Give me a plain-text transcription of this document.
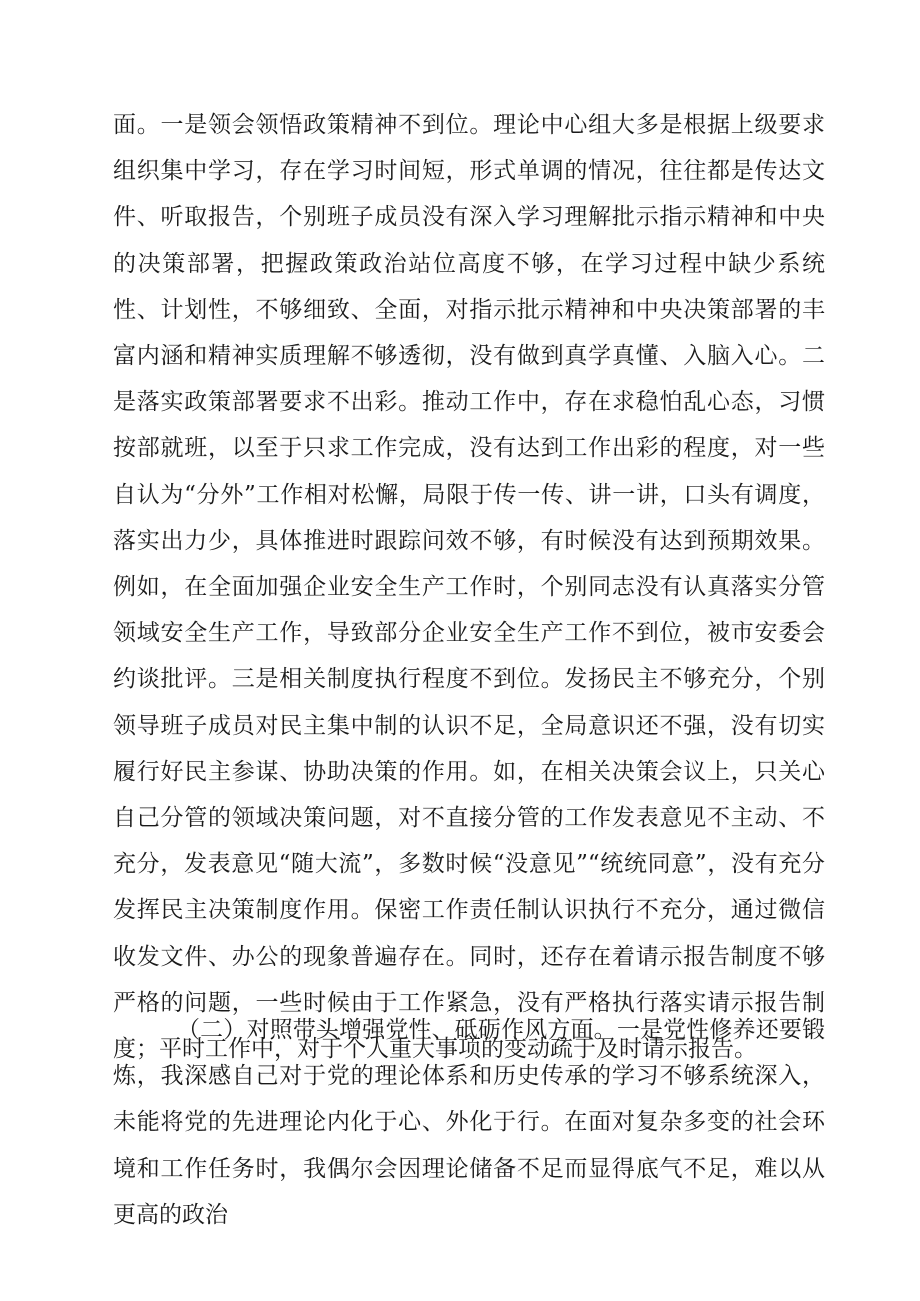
面。一是领会领悟政策精神不到位。理论中心组大多是根据上级要求组织集中学习，存在学习时间短，形式单调的情况，往往都是传达文件、听取报告，个别班子成员没有深入学习理解批示指示精神和中央的决策部署，把握政策政治站位高度不够，在学习过程中缺少系统性、计划性，不够细致、全面，对指示批示精神和中央决策部署的丰富内涵和精神实质理解不够透彻，没有做到真学真懂、入脑入心。二是落实政策部署要求不出彩。推动工作中，存在求稳怕乱心态，习惯按部就班，以至于只求工作完成，没有达到工作出彩的程度，对一些自认为“分外”工作相对松懈，局限于传一传、讲一讲，口头有调度，落实出力少，具体推进时跟踪问效不够，有时候没有达到预期效果。例如，在全面加强企业安全生产工作时，个别同志没有认真落实分管领域安全生产工作，导致部分企业安全生产工作不到位，被市安委会约谈批评。三是相关制度执行程度不到位。发扬民主不够充分，个别领导班子成员对民主集中制的认识不足，全局意识还不强，没有切实履行好民主参谋、协助决策的作用。如，在相关决策会议上，只关心自己分管的领域决策问题，对不直接分管的工作发表意见不主动、不充分，发表意见“随大流”，多数时候“没意见”“统统同意”，没有充分发挥民主决策制度作用。保密工作责任制认识执行不充分，通过微信收发文件、办公的现象普遍存在。同时，还存在着请示报告制度不够严格的问题，一些时候由于工作紧急，没有严格执行落实请示报告制度；平时工作中，对于个人重大事项的变动疏于及时请示报告。

（二）对照带头增强党性、砥砺作风方面。一是党性修养还要锻炼，我深感自己对于党的理论体系和历史传承的学习不够系统深入，未能将党的先进理论内化于心、外化于行。在面对复杂多变的社会环境和工作任务时，我偶尔会因理论储备不足而显得底气不足，难以从更高的政治
